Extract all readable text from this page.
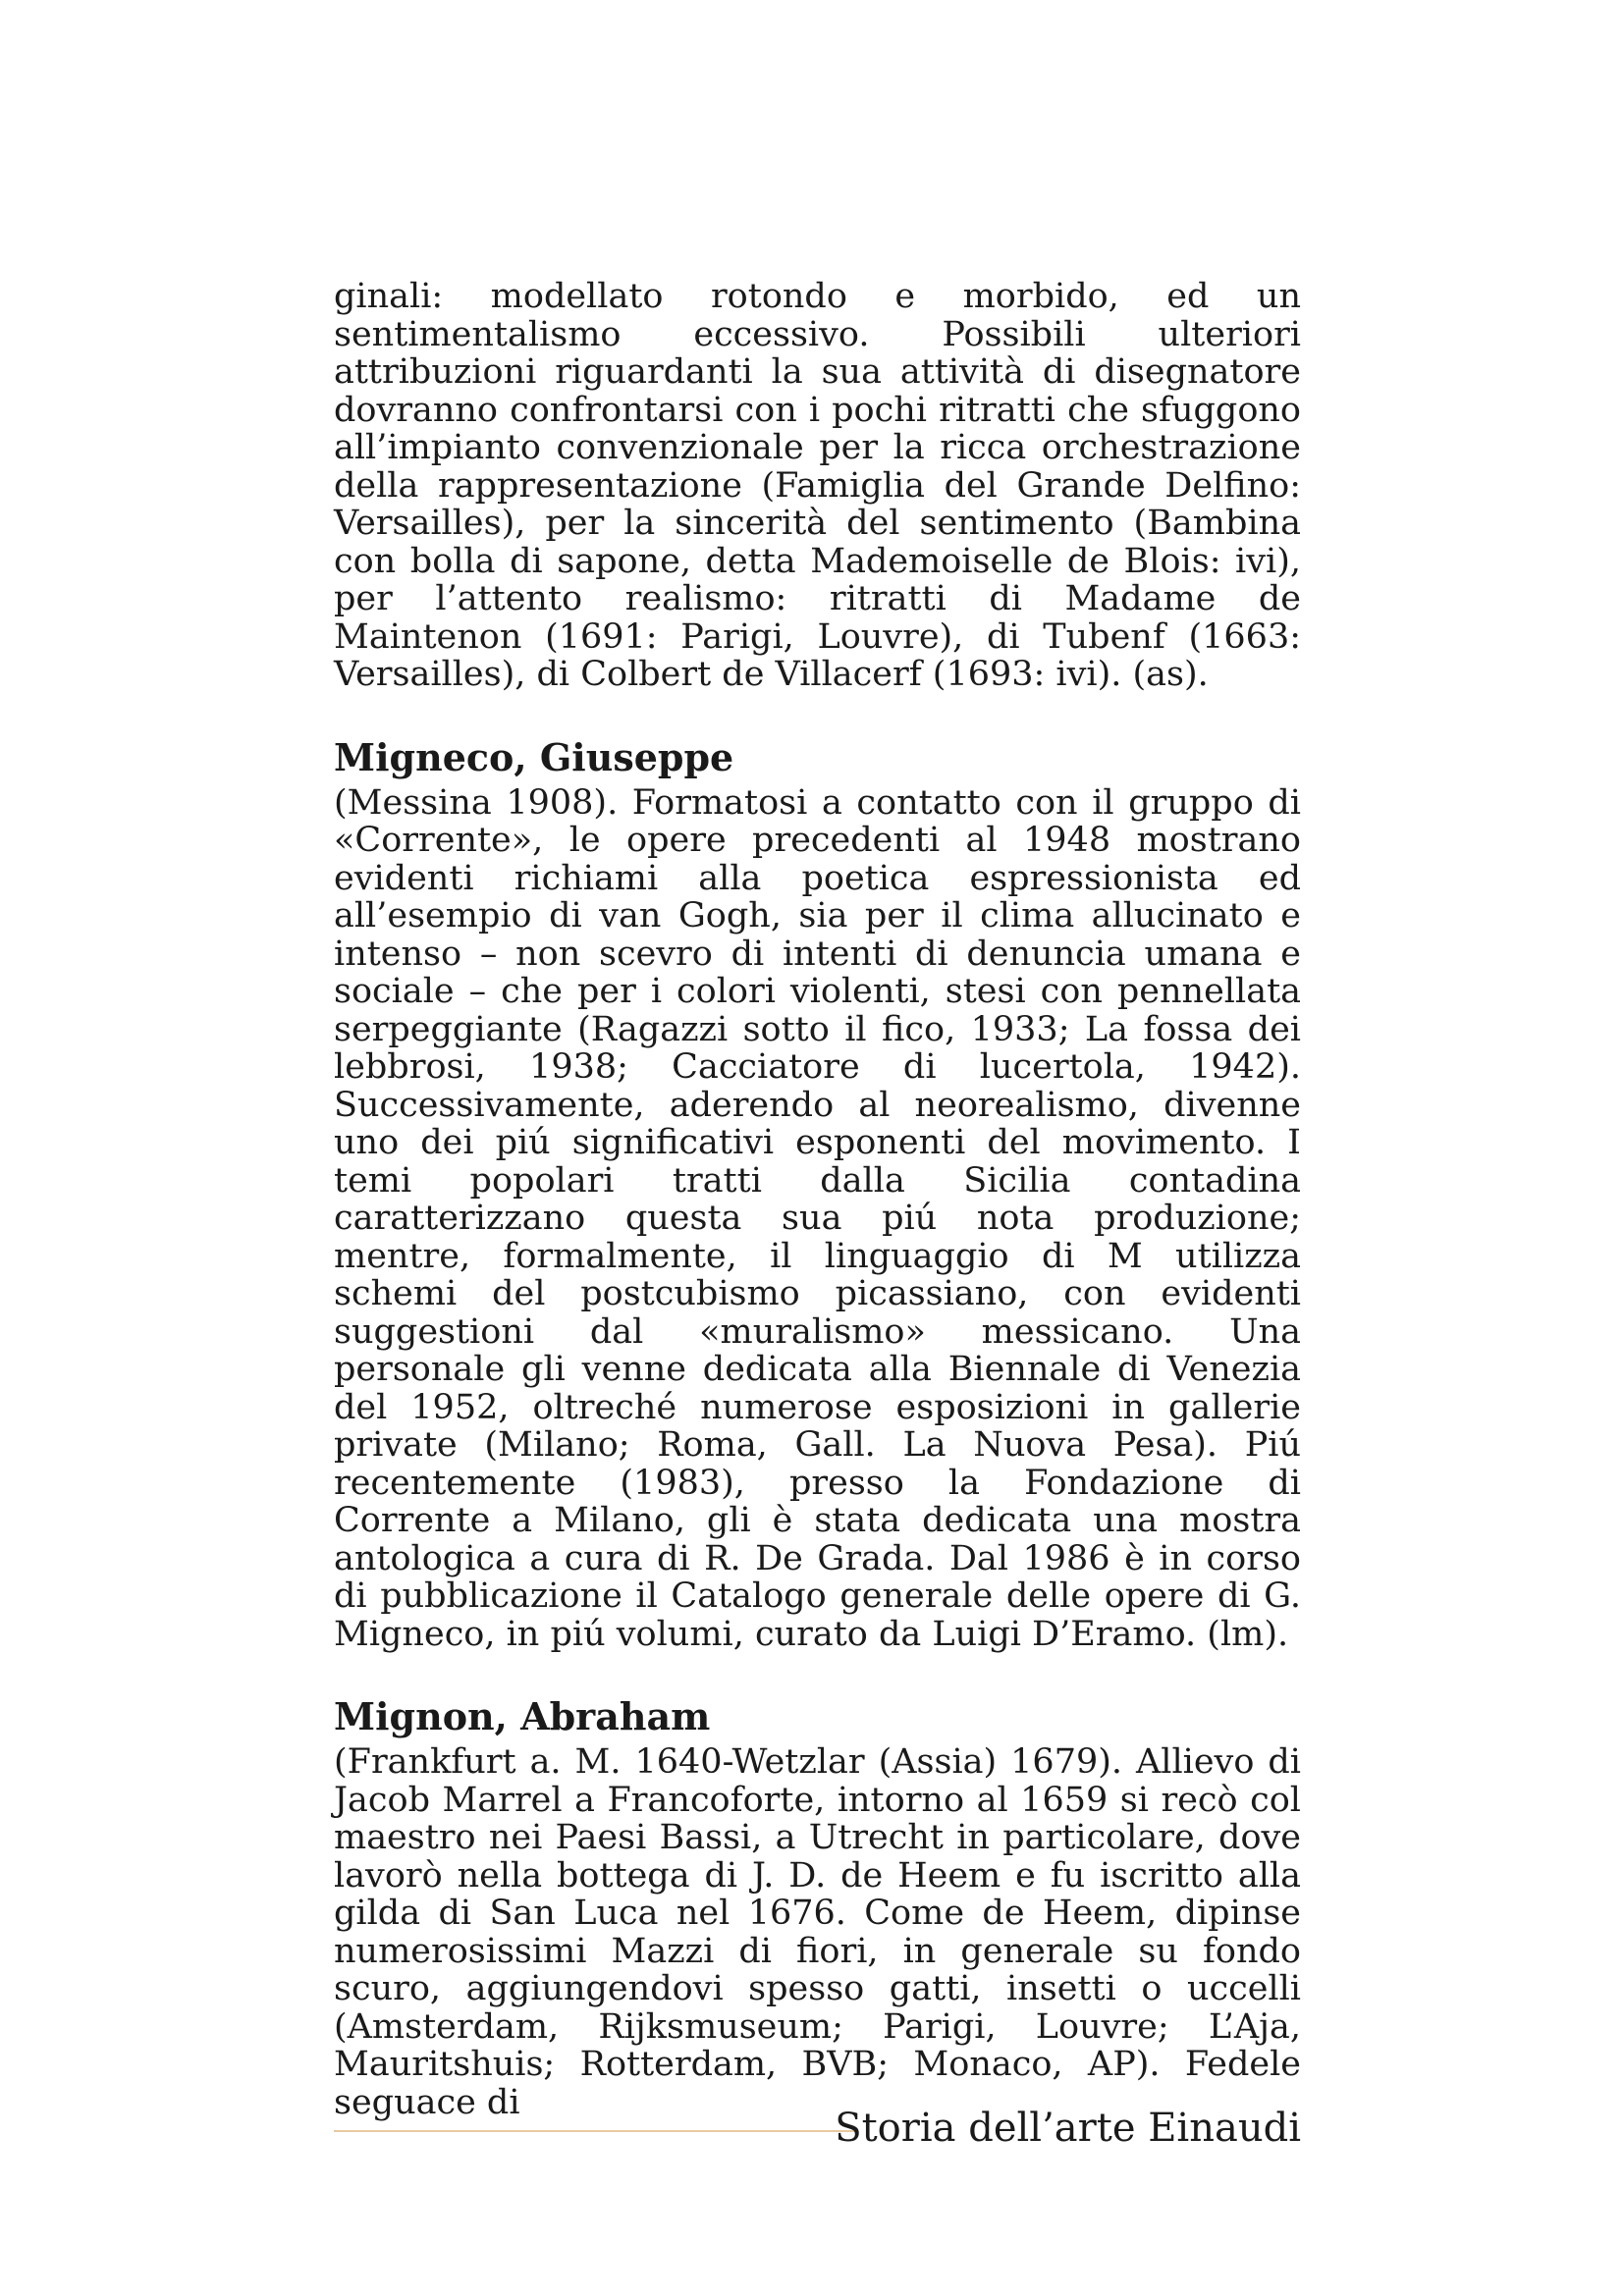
ginali: modellato rotondo e morbido, ed un sentimentalismo eccessivo. Possibili ulteriori attribuzioni riguardanti la sua attività di disegnatore dovranno confrontarsi con i pochi ritratti che sfuggono all’impianto convenzionale per la ricca orchestrazione della rappresentazione (Famiglia del Grande Delfino: Versailles), per la sincerità del sentimento (Bambina con bolla di sapone, detta Mademoiselle de Blois: ivi), per l’attento realismo: ritratti di Madame de Maintenon (1691: Parigi, Louvre), di Tubenf (1663: Versailles), di Colbert de Villacerf (1693: ivi). (as).

Migneco, Giuseppe

(Messina 1908). Formatosi a contatto con il gruppo di «Corrente», le opere precedenti al 1948 mostrano evidenti richiami alla poetica espressionista ed all’esempio di van Gogh, sia per il clima allucinato e intenso – non scevro di intenti di denuncia umana e sociale – che per i colori violenti, stesi con pennellata serpeggiante (Ragazzi sotto il fico, 1933; La fossa dei lebbrosi, 1938; Cacciatore di lucertola, 1942). Successivamente, aderendo al neorealismo, divenne uno dei piú significativi esponenti del movimento. I temi popolari tratti dalla Sicilia contadina caratterizzano questa sua piú nota produzione; mentre, formalmente, il linguaggio di M utilizza schemi del postcubismo picassiano, con evidenti suggestioni dal «muralismo» messicano. Una personale gli venne dedicata alla Biennale di Venezia del 1952, oltreché numerose esposizioni in gallerie private (Milano; Roma, Gall. La Nuova Pesa). Piú recentemente (1983), presso la Fondazione di Corrente a Milano, gli è stata dedicata una mostra antologica a cura di R. De Grada. Dal 1986 è in corso di pubblicazione il Catalogo generale delle opere di G. Migneco, in piú volumi, curato da Luigi D’Eramo. (lm).

Mignon, Abraham

(Frankfurt a. M. 1640-Wetzlar (Assia) 1679). Allievo di Jacob Marrel a Francoforte, intorno al 1659 si recò col maestro nei Paesi Bassi, a Utrecht in particolare, dove lavorò nella bottega di J. D. de Heem e fu iscritto alla gilda di San Luca nel 1676. Come de Heem, dipinse numerosissimi Mazzi di fiori, in generale su fondo scuro, aggiungendovi spesso gatti, insetti o uccelli (Amsterdam, Rijksmuseum; Parigi, Louvre; L’Aja, Mauritshuis; Rotterdam, BVB; Monaco, AP). Fedele seguace di

Storia dell’arte Einaudi
